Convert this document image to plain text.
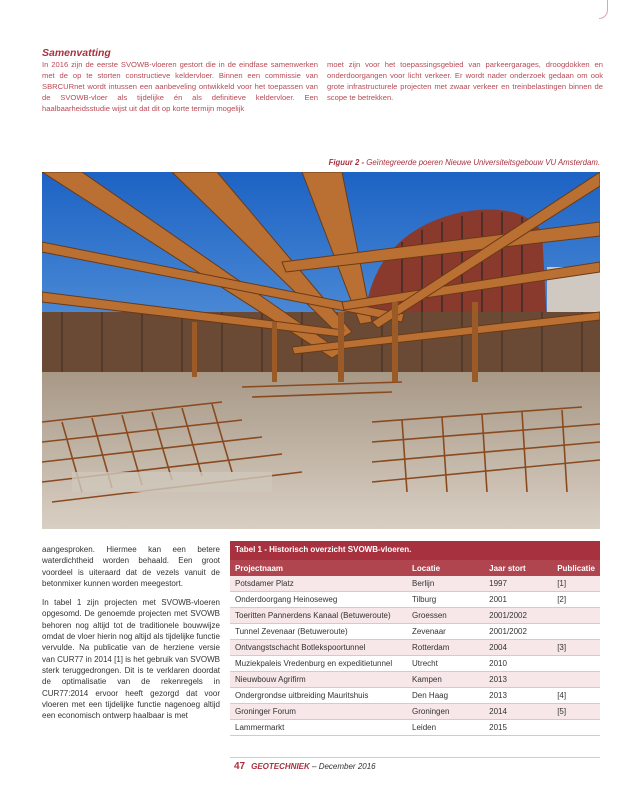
Samenvatting

In 2016 zijn de eerste SVOWB-vloeren gestort die in de eindfase samenwerken met de op te storten constructieve keldervloer. Binnen een commissie van SBRCURnet wordt intussen een aanbeveling ontwikkeld voor het toepassen van de SVOWB-vloer als tijdelijke én als definitieve keldervloer. Een haalbaarheidsstudie wijst uit dat dit op korte termijn mogelijk

moet zijn voor het toepassingsgebied van parkeergarages, droogdokken en onderdoorgangen voor licht verkeer. Er wordt nader onderzoek gedaan om ook grote infrastructurele projecten met zwaar verkeer en treinbelastingen binnen de scope te betrekken.

Figuur 2 - Geïntegreerde poeren Nieuwe Universiteitsgebouw VU Amsterdam.

aangesproken. Hiermee kan een betere waterdichtheid worden behaald. Een groot voordeel is uiteraard dat de vezels vanuit de betonmixer kunnen worden meegestort.

In tabel 1 zijn projecten met SVOWB-vloeren opgesomd. De genoemde projecten met SVOWB behoren nog altijd tot de traditionele bouwwijze omdat de vloer hierin nog altijd als tijdelijke functie vervulde. Na publicatie van de herziene versie van CUR77 in 2014 [1] is het gebruik van SVOWB sterk teruggedrongen. Dit is te verklaren doordat de optimalisatie van de rekenregels in CUR77:2014 ervoor heeft gezorgd dat voor vloeren met een tijdelijke functie nagenoeg altijd een economisch ontwerp haalbaar is met

Tabel 1 - Historisch overzicht SVOWB-vloeren.
Projectnaam	Locatie	Jaar stort	Publicatie
Potsdamer Platz	Berlijn	1997	[1]
Onderdoorgang Heinoseweg	Tilburg	2001	[2]
Toeritten Pannerdens Kanaal (Betuweroute)	Groessen	2001/2002	
Tunnel Zevenaar (Betuweroute)	Zevenaar	2001/2002	
Ontvangstschacht Botlekspoortunnel	Rotterdam	2004	[3]
Muziekpaleis Vredenburg en expeditietunnel	Utrecht	2010	
Nieuwbouw Agrifirm	Kampen	2013	
Ondergrondse uitbreiding Mauritshuis	Den Haag	2013	[4]
Groninger Forum	Groningen	2014	[5]
Lammermarkt	Leiden	2015	
47 GEOTECHNIEK – December 2016
